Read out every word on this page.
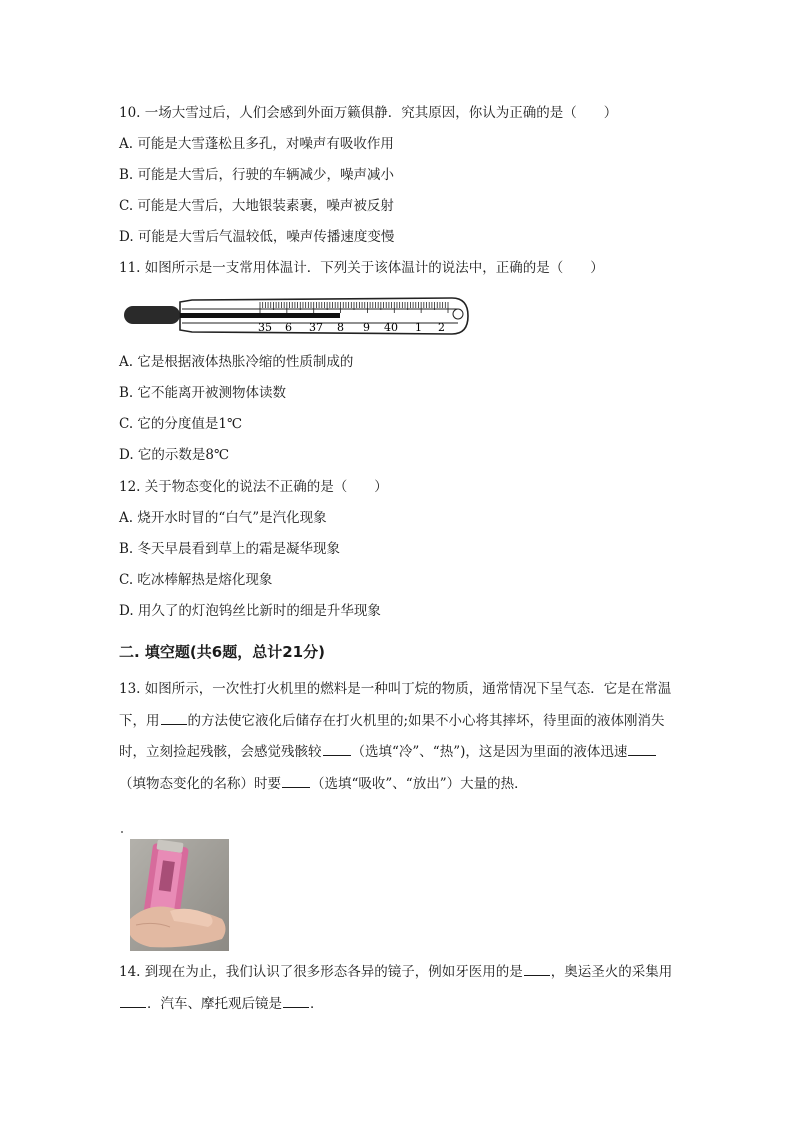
10. 一场大雪过后，人们会感到外面万籁俱静．究其原因，你认为正确的是（　　）
A. 可能是大雪蓬松且多孔，对噪声有吸收作用
B. 可能是大雪后，行驶的车辆减少，噪声减小
C. 可能是大雪后，大地银装素裹，噪声被反射
D. 可能是大雪后气温较低，噪声传播速度变慢
11. 如图所示是一支常用体温计．下列关于该体温计的说法中，正确的是（　　）
35 6 37 8 9 40 1 2
A. 它是根据液体热胀冷缩的性质制成的
B. 它不能离开被测物体读数
C. 它的分度值是1℃
D. 它的示数是8℃
12. 关于物态变化的说法不正确的是（　　）
A. 烧开水时冒的“白气”是汽化现象
B. 冬天早晨看到草上的霜是凝华现象
C. 吃冰棒解热是熔化现象
D. 用久了的灯泡钨丝比新时的细是升华现象
二. 填空题(共6题，总计21分)
13. 如图所示，一次性打火机里的燃料是一种叫丁烷的物质，通常情况下呈气态．它是在常温下，用 的方法使它液化后储存在打火机里的;如果不小心将其摔坏，待里面的液体刚消失时，立刻捡起残骸，会感觉残骸较 （选填“冷”、“热”)，这是因为里面的液体迅速（填物态变化的名称）时要 （选填“吸收”、“放出”）大量的热．
14. 到现在为止，我们认识了很多形态各异的镜子，例如牙医用的是 ，奥运圣火的采集用．汽车、摩托观后镜是 ．
